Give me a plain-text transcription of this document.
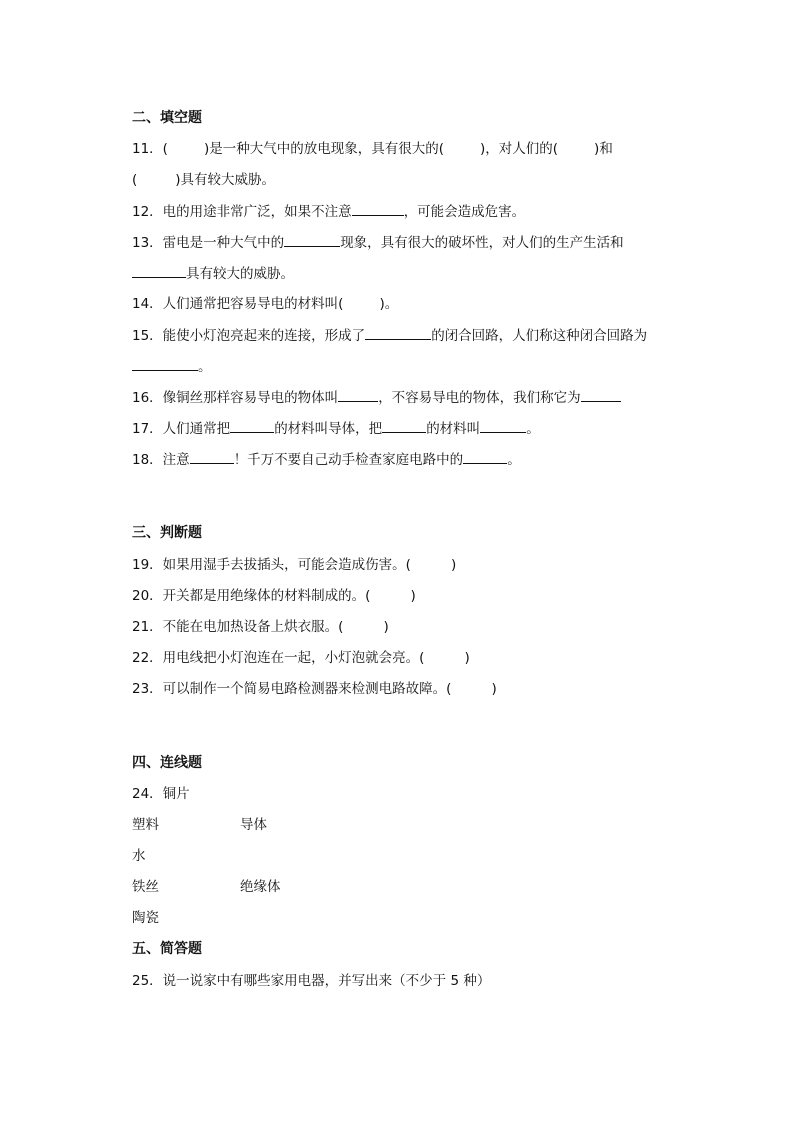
二、填空题
11．(	)是一种大气中的放电现象，具有很大的(	)，对人们的(	)和
(	)具有较大威胁。
12．电的用途非常广泛，如果不注意	，可能会造成危害。
13．雷电是一种大气中的	现象，具有很大的破坏性，对人们的生产生活和
具有较大的威胁。
14．人们通常把容易导电的材料叫(	)。
15．能使小灯泡亮起来的连接，形成了	的闭合回路，人们称这种闭合回路为
。
16．像铜丝那样容易导电的物体叫	，不容易导电的物体，我们称它为
17．人们通常把	的材料叫导体，把	的材料叫	。
18．注意	！千万不要自己动手检查家庭电路中的	。
三、判断题
19．如果用湿手去拔插头，可能会造成伤害。(	)
20．开关都是用绝缘体的材料制成的。(	)
21．不能在电加热设备上烘衣服。(	)
22．用电线把小灯泡连在一起，小灯泡就会亮。(	)
23．可以制作一个简易电路检测器来检测电路故障。(	)
四、连线题
24．铜片
塑料	导体
水
铁丝	绝缘体
陶瓷
五、简答题
25．说一说家中有哪些家用电器，并写出来（不少于 5 种）
